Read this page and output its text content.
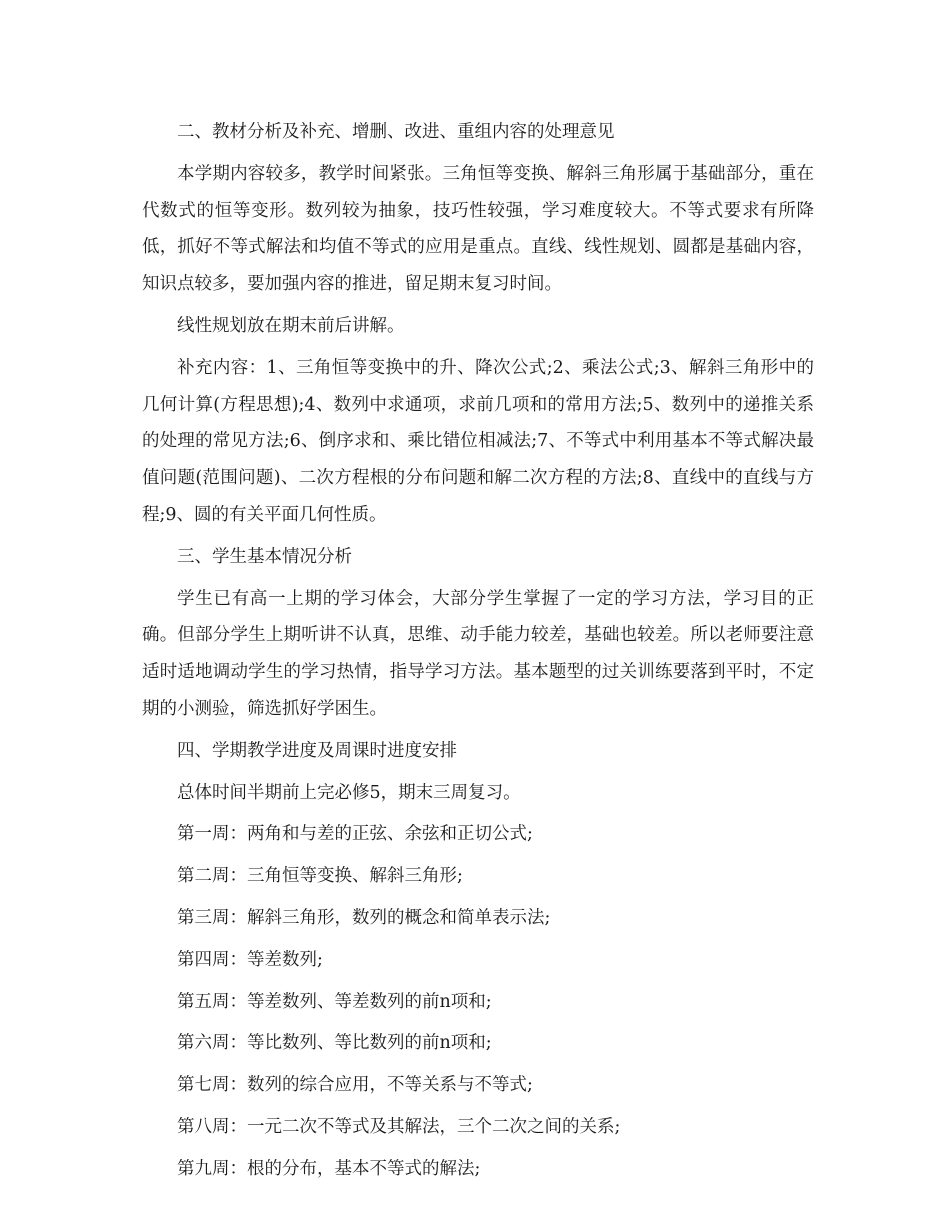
二、教材分析及补充、增删、改进、重组内容的处理意见

本学期内容较多，教学时间紧张。三角恒等变换、解斜三角形属于基础部分，重在代数式的恒等变形。数列较为抽象，技巧性较强，学习难度较大。不等式要求有所降低，抓好不等式解法和均值不等式的应用是重点。直线、线性规划、圆都是基础内容，知识点较多，要加强内容的推进，留足期末复习时间。

线性规划放在期末前后讲解。

补充内容：1、三角恒等变换中的升、降次公式;2、乘法公式;3、解斜三角形中的几何计算(方程思想);4、数列中求通项，求前几项和的常用方法;5、数列中的递推关系的处理的常见方法;6、倒序求和、乘比错位相减法;7、不等式中利用基本不等式解决最值问题(范围问题)、二次方程根的分布问题和解二次方程的方法;8、直线中的直线与方程;9、圆的有关平面几何性质。

三、学生基本情况分析

学生已有高一上期的学习体会，大部分学生掌握了一定的学习方法，学习目的正确。但部分学生上期听讲不认真，思维、动手能力较差，基础也较差。所以老师要注意适时适地调动学生的学习热情，指导学习方法。基本题型的过关训练要落到平时，不定期的小测验，筛选抓好学困生。

四、学期教学进度及周课时进度安排

总体时间半期前上完必修5，期末三周复习。

第一周：两角和与差的正弦、余弦和正切公式;

第二周：三角恒等变换、解斜三角形;

第三周：解斜三角形，数列的概念和简单表示法;

第四周：等差数列;

第五周：等差数列、等差数列的前n项和;

第六周：等比数列、等比数列的前n项和;

第七周：数列的综合应用，不等关系与不等式;

第八周：一元二次不等式及其解法，三个二次之间的关系;

第九周：根的分布，基本不等式的解法;
